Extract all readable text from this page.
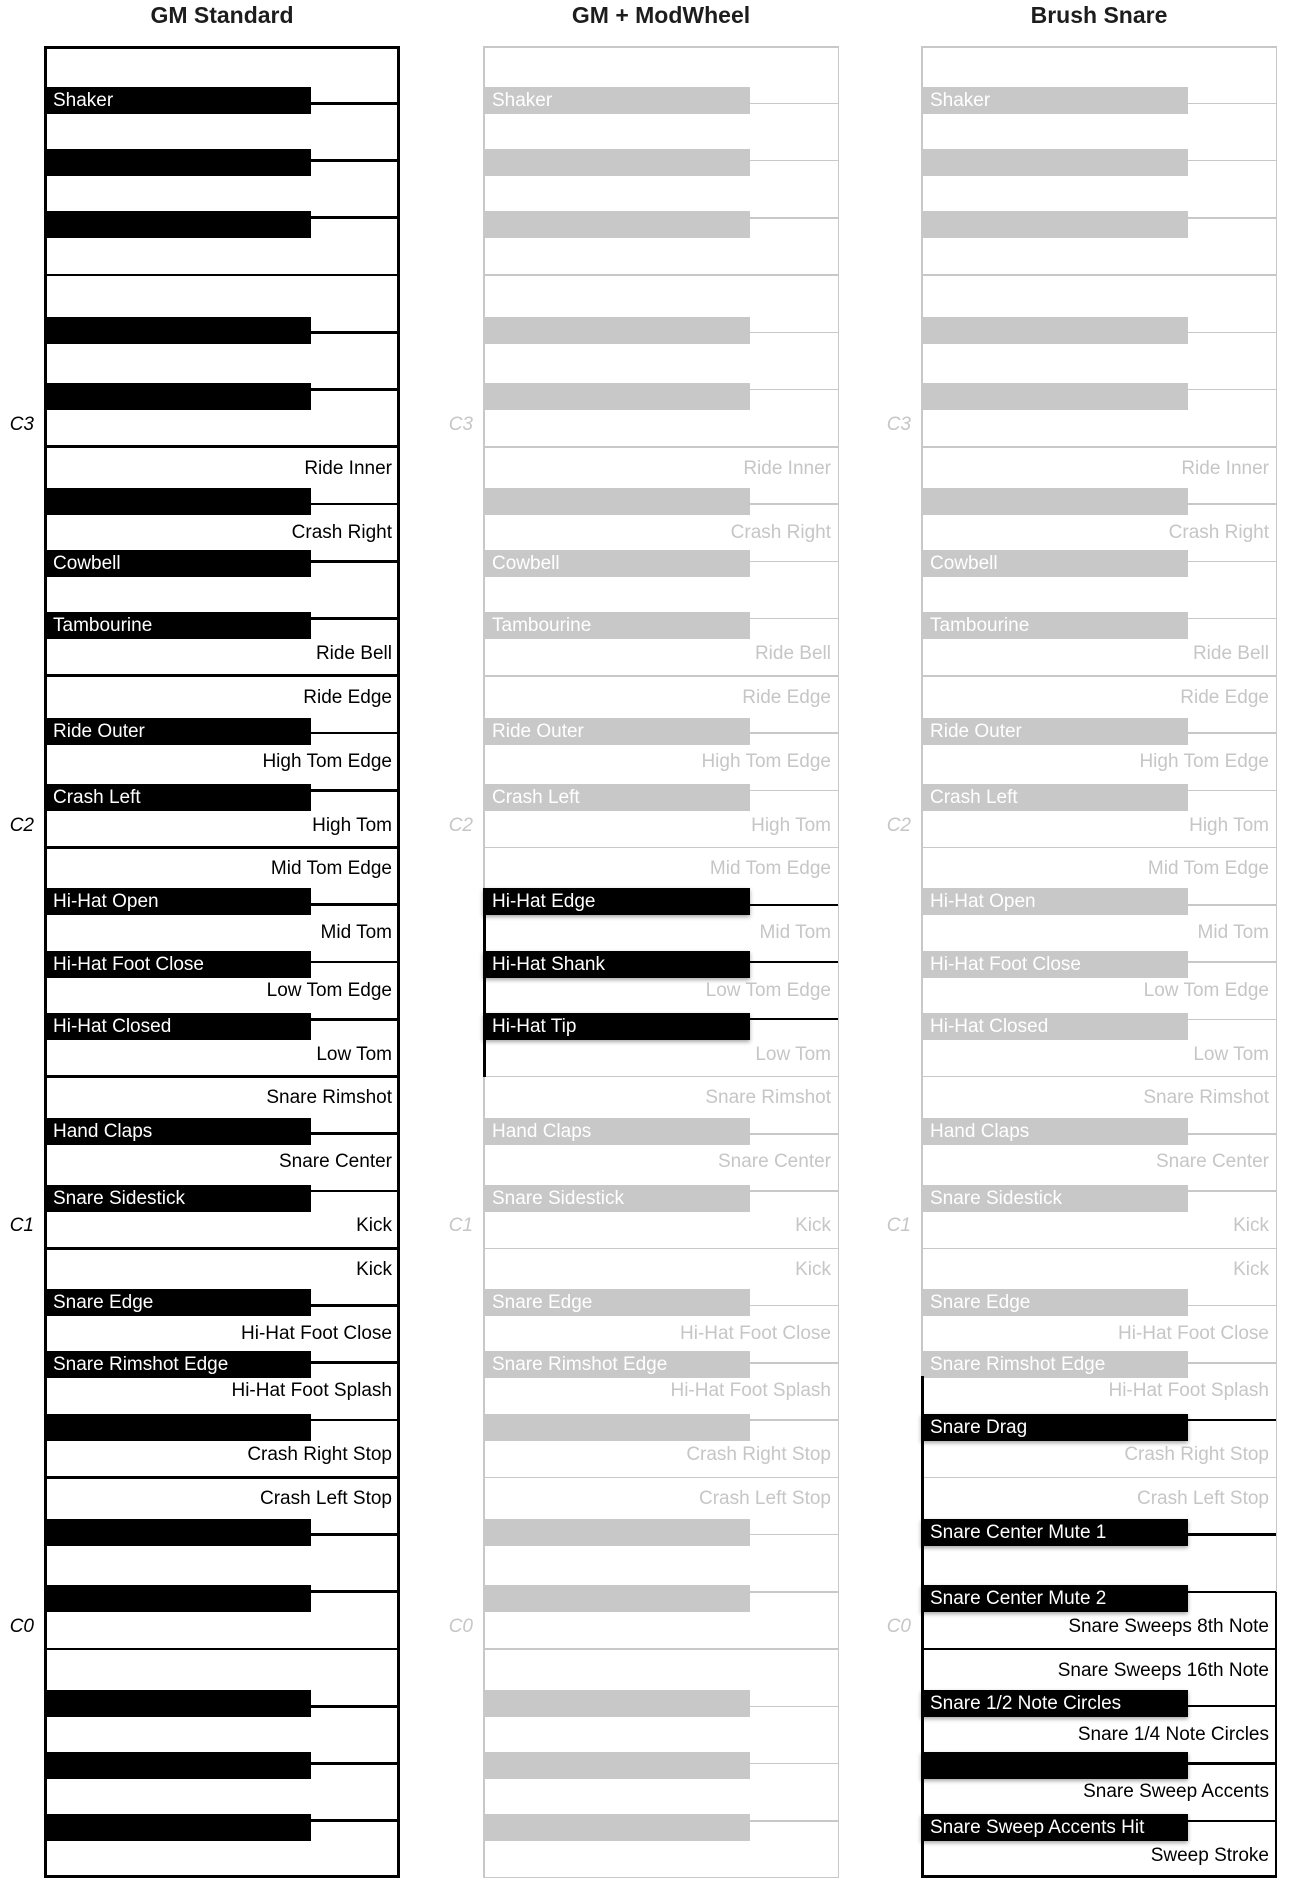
GM Standard	GM + ModWheel	Brush Snare
Ride Inner
Crash Right
Ride Bell
Ride Edge
High Tom Edge
High Tom
Mid Tom Edge
Mid Tom
Low Tom Edge
Low Tom
Snare Rimshot
Snare Center
Kick
Kick
Hi-Hat Foot Close
Hi-Hat Foot Splash
Crash Right Stop
Crash Left Stop
Shaker
Cowbell
Tambourine
Ride Outer
Crash Left
Hi-Hat Open
Hi-Hat Foot Close
Hi-Hat Closed
Hand Claps
Snare Sidestick
Snare Edge
Snare Rimshot Edge
C3
C2
C1
C0
Ride Inner
Crash Right
Ride Bell
Ride Edge
High Tom Edge
High Tom
Mid Tom Edge
Mid Tom
Low Tom Edge
Low Tom
Snare Rimshot
Snare Center
Kick
Kick
Hi-Hat Foot Close
Hi-Hat Foot Splash
Crash Right Stop
Crash Left Stop
Shaker
Cowbell
Tambourine
Ride Outer
Crash Left
Hi-Hat Edge
Hi-Hat Shank
Hi-Hat Tip
Hand Claps
Snare Sidestick
Snare Edge
Snare Rimshot Edge
C3
C2
C1
C0
Ride Inner
Crash Right
Ride Bell
Ride Edge
High Tom Edge
High Tom
Mid Tom Edge
Mid Tom
Low Tom Edge
Low Tom
Snare Rimshot
Snare Center
Kick
Kick
Hi-Hat Foot Close
Hi-Hat Foot Splash
Crash Right Stop
Crash Left Stop
Snare Sweeps 8th Note
Snare Sweeps 16th Note
Snare 1/4 Note Circles
Snare Sweep Accents
Sweep Stroke
Shaker
Cowbell
Tambourine
Ride Outer
Crash Left
Hi-Hat Open
Hi-Hat Foot Close
Hi-Hat Closed
Hand Claps
Snare Sidestick
Snare Edge
Snare Rimshot Edge
Snare Drag
Snare Center Mute 1
Snare Center Mute 2
Snare 1/2 Note Circles
Snare Sweep Accents Hit
C3
C2
C1
C0
